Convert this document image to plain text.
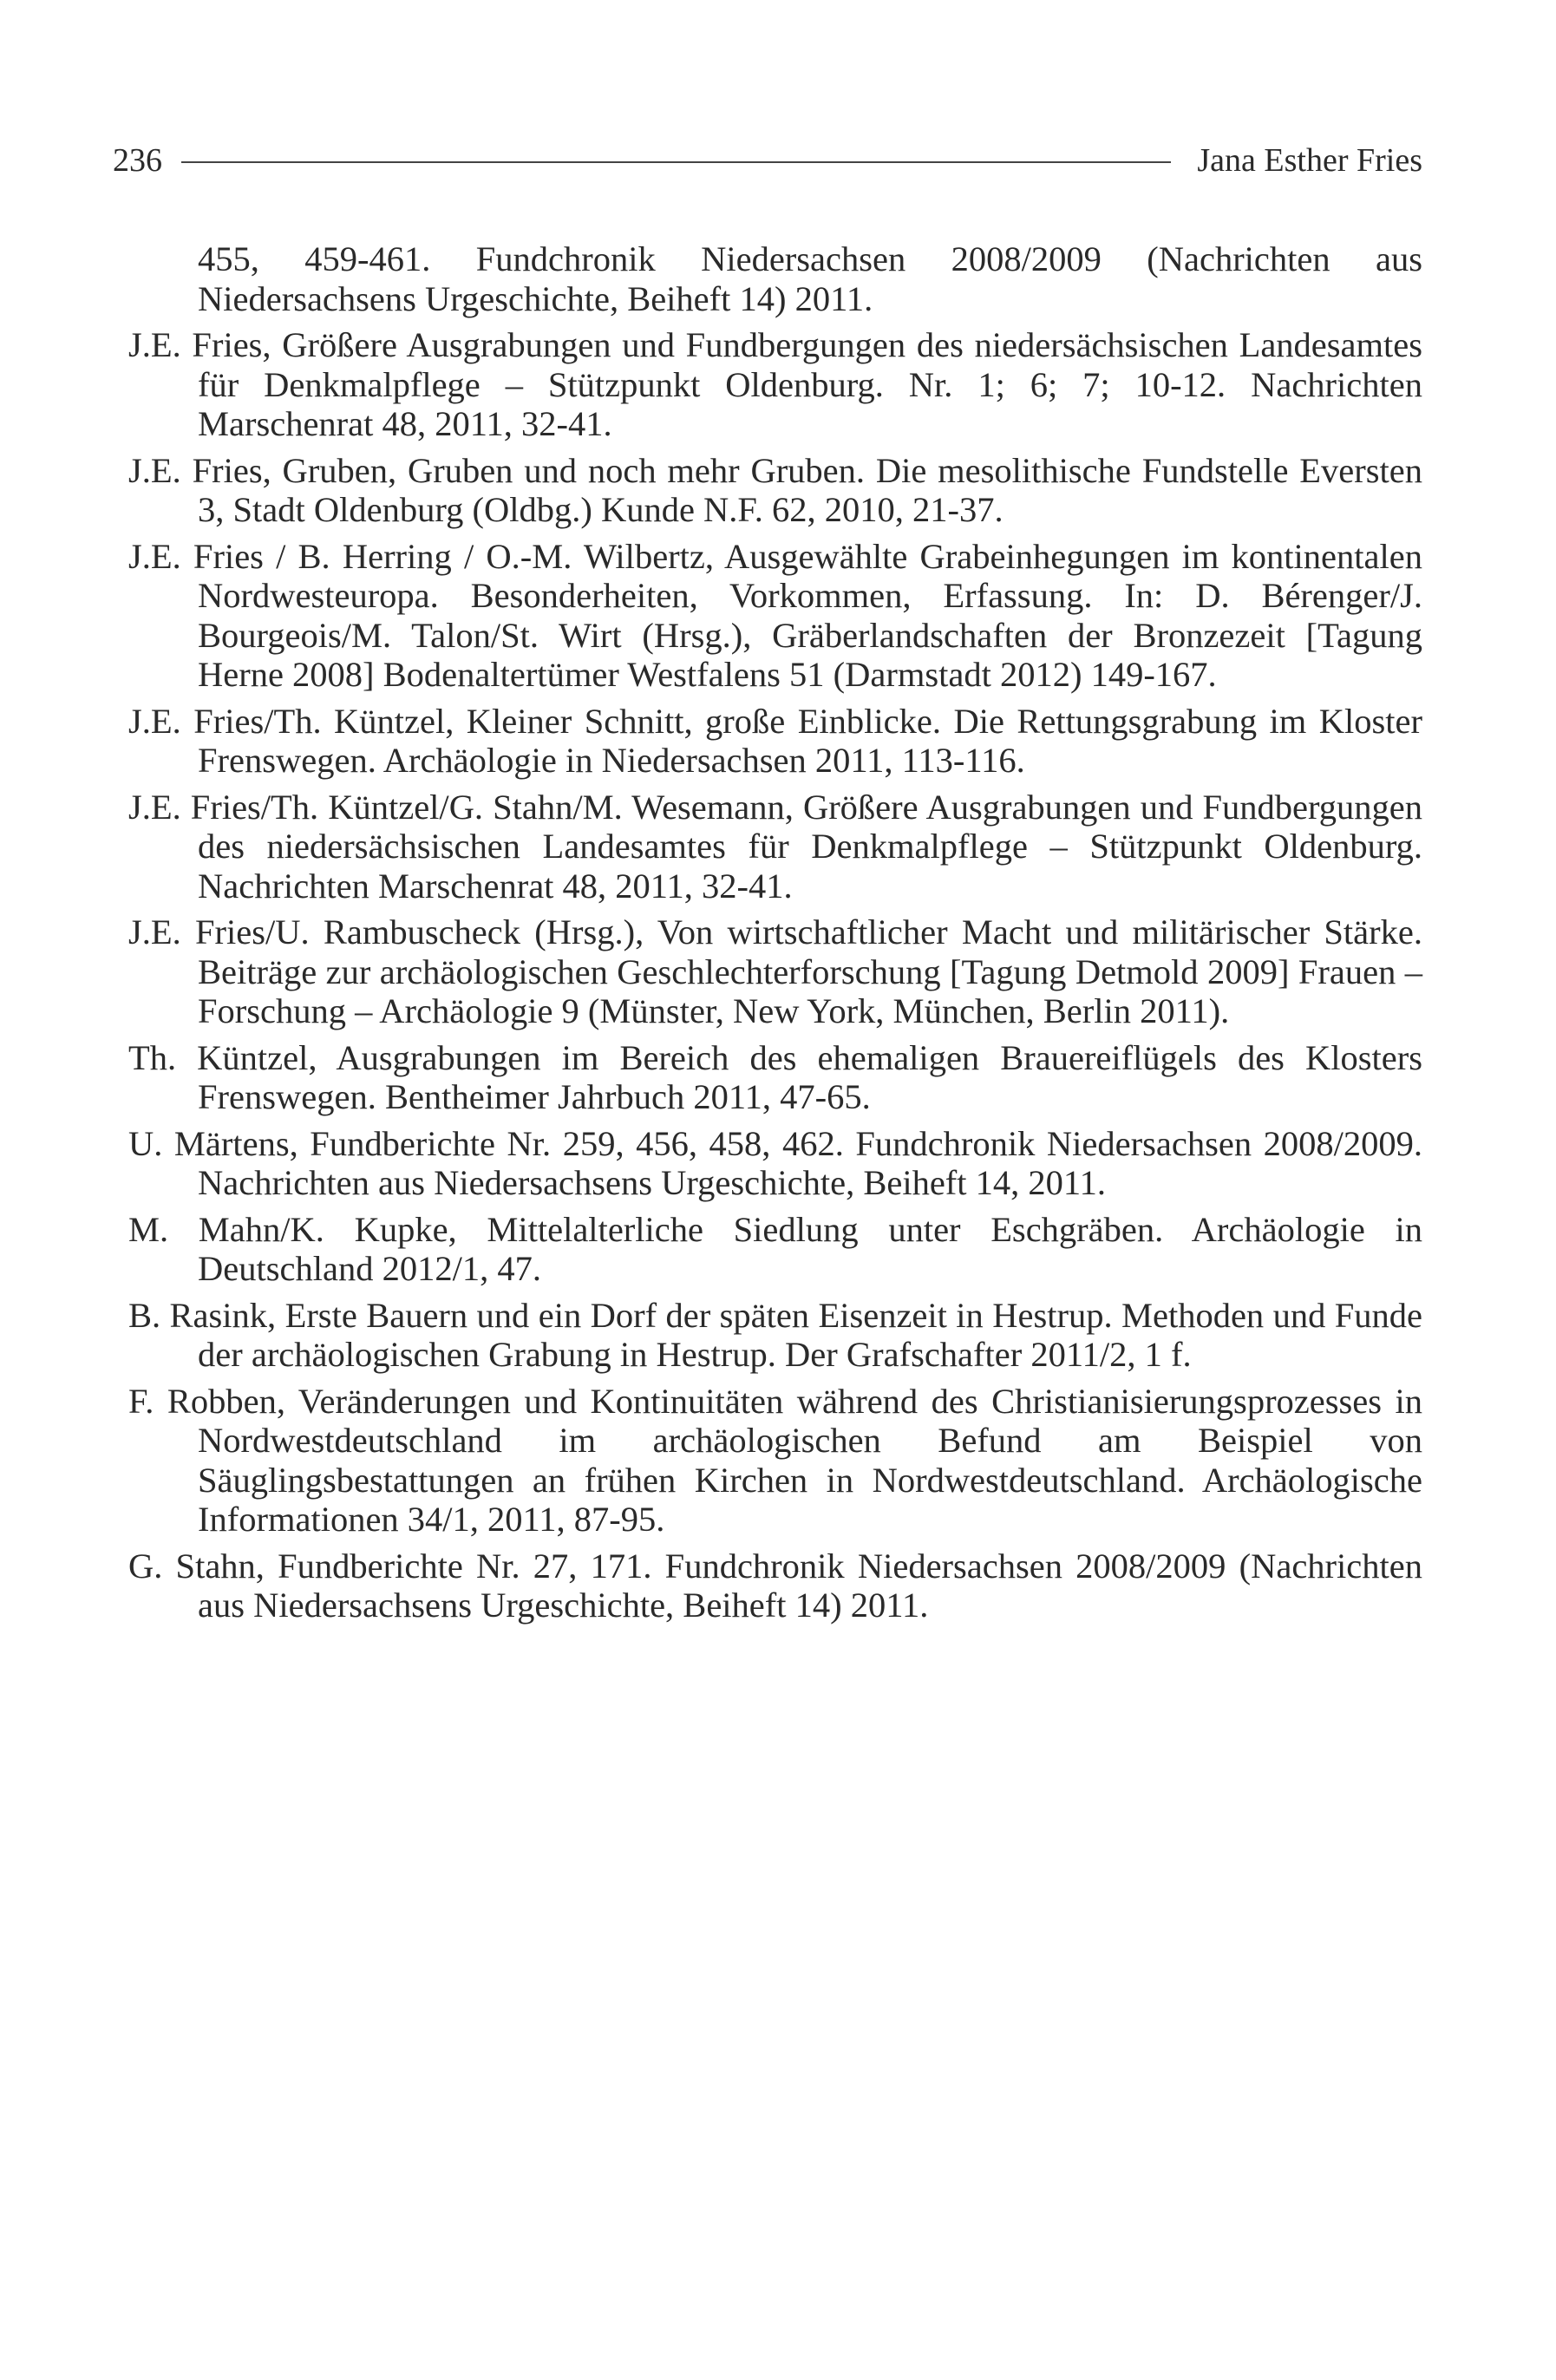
236	Jana Esther Fries
455, 459-461. Fundchronik Niedersachsen 2008/2009 (Nachrichten aus Niedersachsens Urgeschichte, Beiheft 14) 2011.
J.E. Fries, Größere Ausgrabungen und Fundbergungen des niedersächsischen Landesamtes für Denkmalpflege – Stützpunkt Oldenburg. Nr. 1; 6; 7; 10-12. Nachrichten Marschenrat 48, 2011, 32-41.
J.E. Fries, Gruben, Gruben und noch mehr Gruben. Die mesolithische Fundstelle Eversten 3, Stadt Oldenburg (Oldbg.) Kunde N.F. 62, 2010, 21-37.
J.E. Fries / B. Herring / O.-M. Wilbertz, Ausgewählte Grabeinhegungen im kontinentalen Nordwesteuropa. Besonderheiten, Vorkommen, Erfassung. In: D. Bérenger/J. Bourgeois/M. Talon/St. Wirt (Hrsg.), Gräberlandschaften der Bronzezeit [Tagung Herne 2008] Bodenaltertümer Westfalens 51 (Darmstadt 2012) 149-167.
J.E. Fries/Th. Küntzel, Kleiner Schnitt, große Einblicke. Die Rettungsgrabung im Kloster Frenswegen. Archäologie in Niedersachsen 2011, 113-116.
J.E. Fries/Th. Küntzel/G. Stahn/M. Wesemann, Größere Ausgrabungen und Fundbergungen des niedersächsischen Landesamtes für Denkmalpflege – Stützpunkt Oldenburg. Nachrichten Marschenrat 48, 2011, 32-41.
J.E. Fries/U. Rambuscheck (Hrsg.), Von wirtschaftlicher Macht und militärischer Stärke. Beiträge zur archäologischen Geschlechterforschung [Tagung Detmold 2009] Frauen – Forschung – Archäologie 9 (Münster, New York, München, Berlin 2011).
Th. Küntzel, Ausgrabungen im Bereich des ehemaligen Brauereiflügels des Klosters Frenswegen. Bentheimer Jahrbuch 2011, 47-65.
U. Märtens, Fundberichte Nr. 259, 456, 458, 462. Fundchronik Niedersachsen 2008/2009. Nachrichten aus Niedersachsens Urgeschichte, Beiheft 14, 2011.
M. Mahn/K. Kupke, Mittelalterliche Siedlung unter Eschgräben. Archäologie in Deutschland 2012/1, 47.
B. Rasink, Erste Bauern und ein Dorf der späten Eisenzeit in Hestrup. Methoden und Funde der archäologischen Grabung in Hestrup. Der Grafschafter 2011/2, 1 f.
F. Robben, Veränderungen und Kontinuitäten während des Christianisierungsprozesses in Nordwestdeutschland im archäologischen Befund am Beispiel von Säuglingsbestattungen an frühen Kirchen in Nordwestdeutschland. Archäologische Informationen 34/1, 2011, 87-95.
G. Stahn, Fundberichte Nr. 27, 171. Fundchronik Niedersachsen 2008/2009 (Nachrichten aus Niedersachsens Urgeschichte, Beiheft 14) 2011.
